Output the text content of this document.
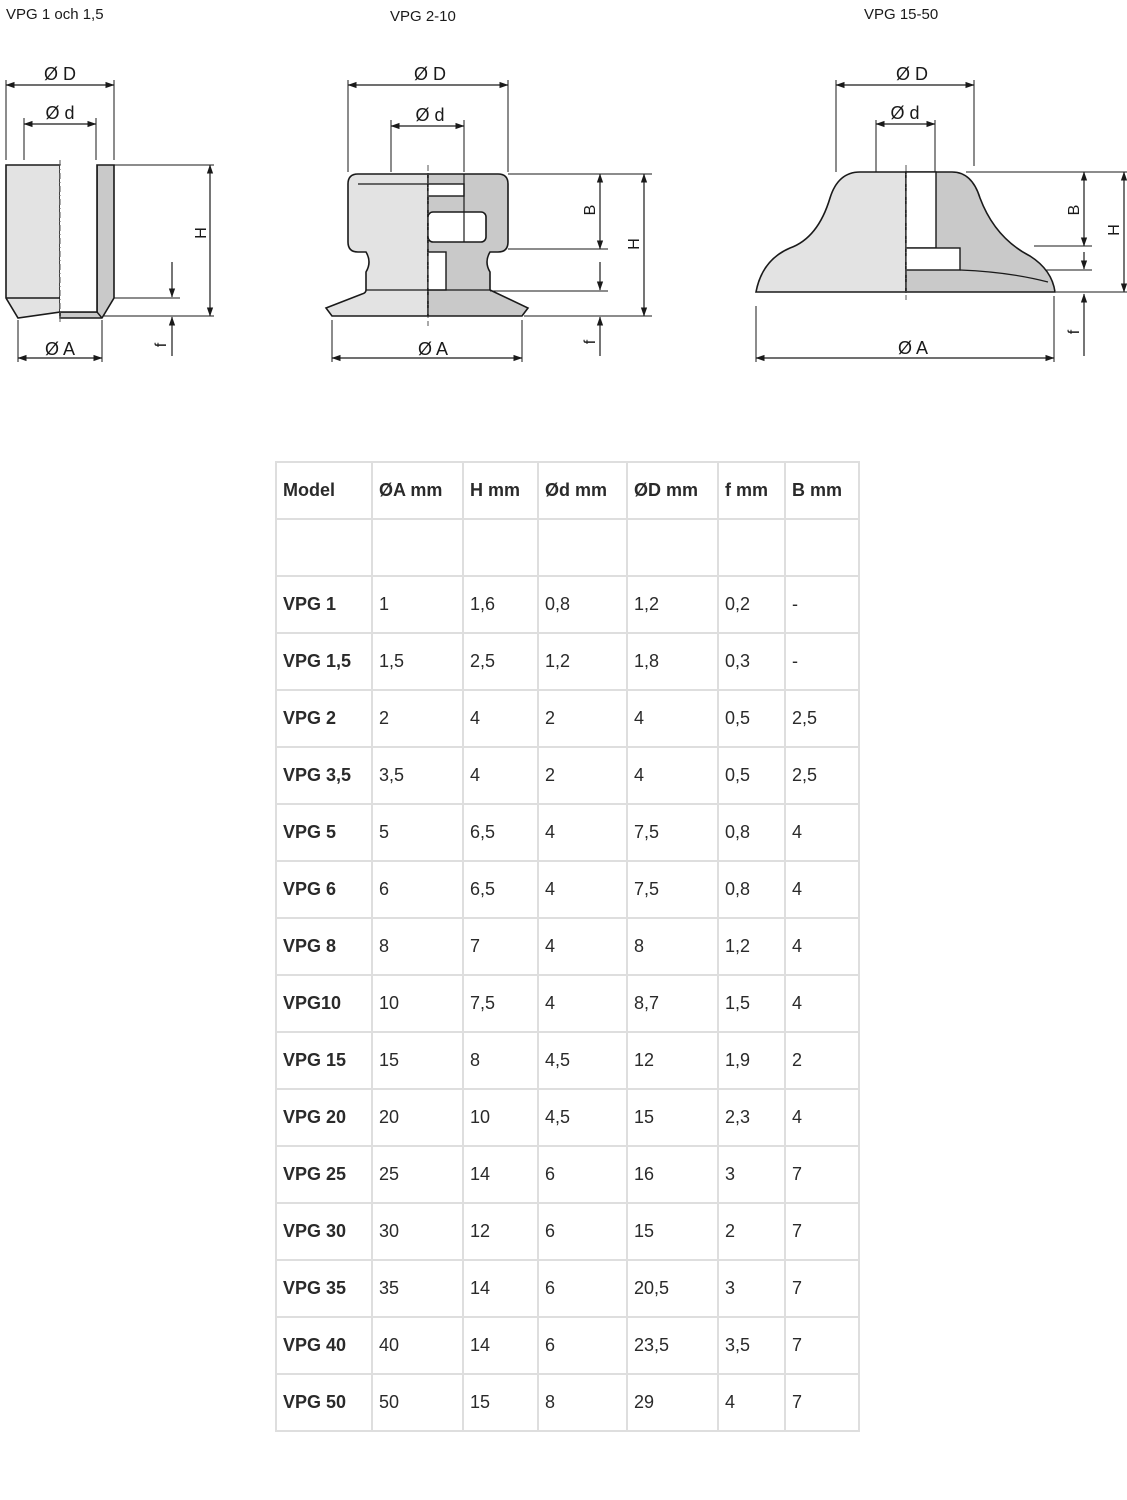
VPG 1 och 1,5	VPG 2-10	VPG 15-50
Ø D
Ø d
Ø A
H
f
Ø D
Ø d
Ø A
B
H
f
Ø D
Ø d
Ø A
B
H
f
Model	ØA mm	H mm	Ød mm	ØD mm	f mm	B mm

VPG 1	1	1,6	0,8	1,2	0,2	-
VPG 1,5	1,5	2,5	1,2	1,8	0,3	-
VPG 2	2	4	2	4	0,5	2,5
VPG 3,5	3,5	4	2	4	0,5	2,5
VPG 5	5	6,5	4	7,5	0,8	4
VPG 6	6	6,5	4	7,5	0,8	4
VPG 8	8	7	4	8	1,2	4
VPG10	10	7,5	4	8,7	1,5	4
VPG 15	15	8	4,5	12	1,9	2
VPG 20	20	10	4,5	15	2,3	4
VPG 25	25	14	6	16	3	7
VPG 30	30	12	6	15	2	7
VPG 35	35	14	6	20,5	3	7
VPG 40	40	14	6	23,5	3,5	7
VPG 50	50	15	8	29	4	7
